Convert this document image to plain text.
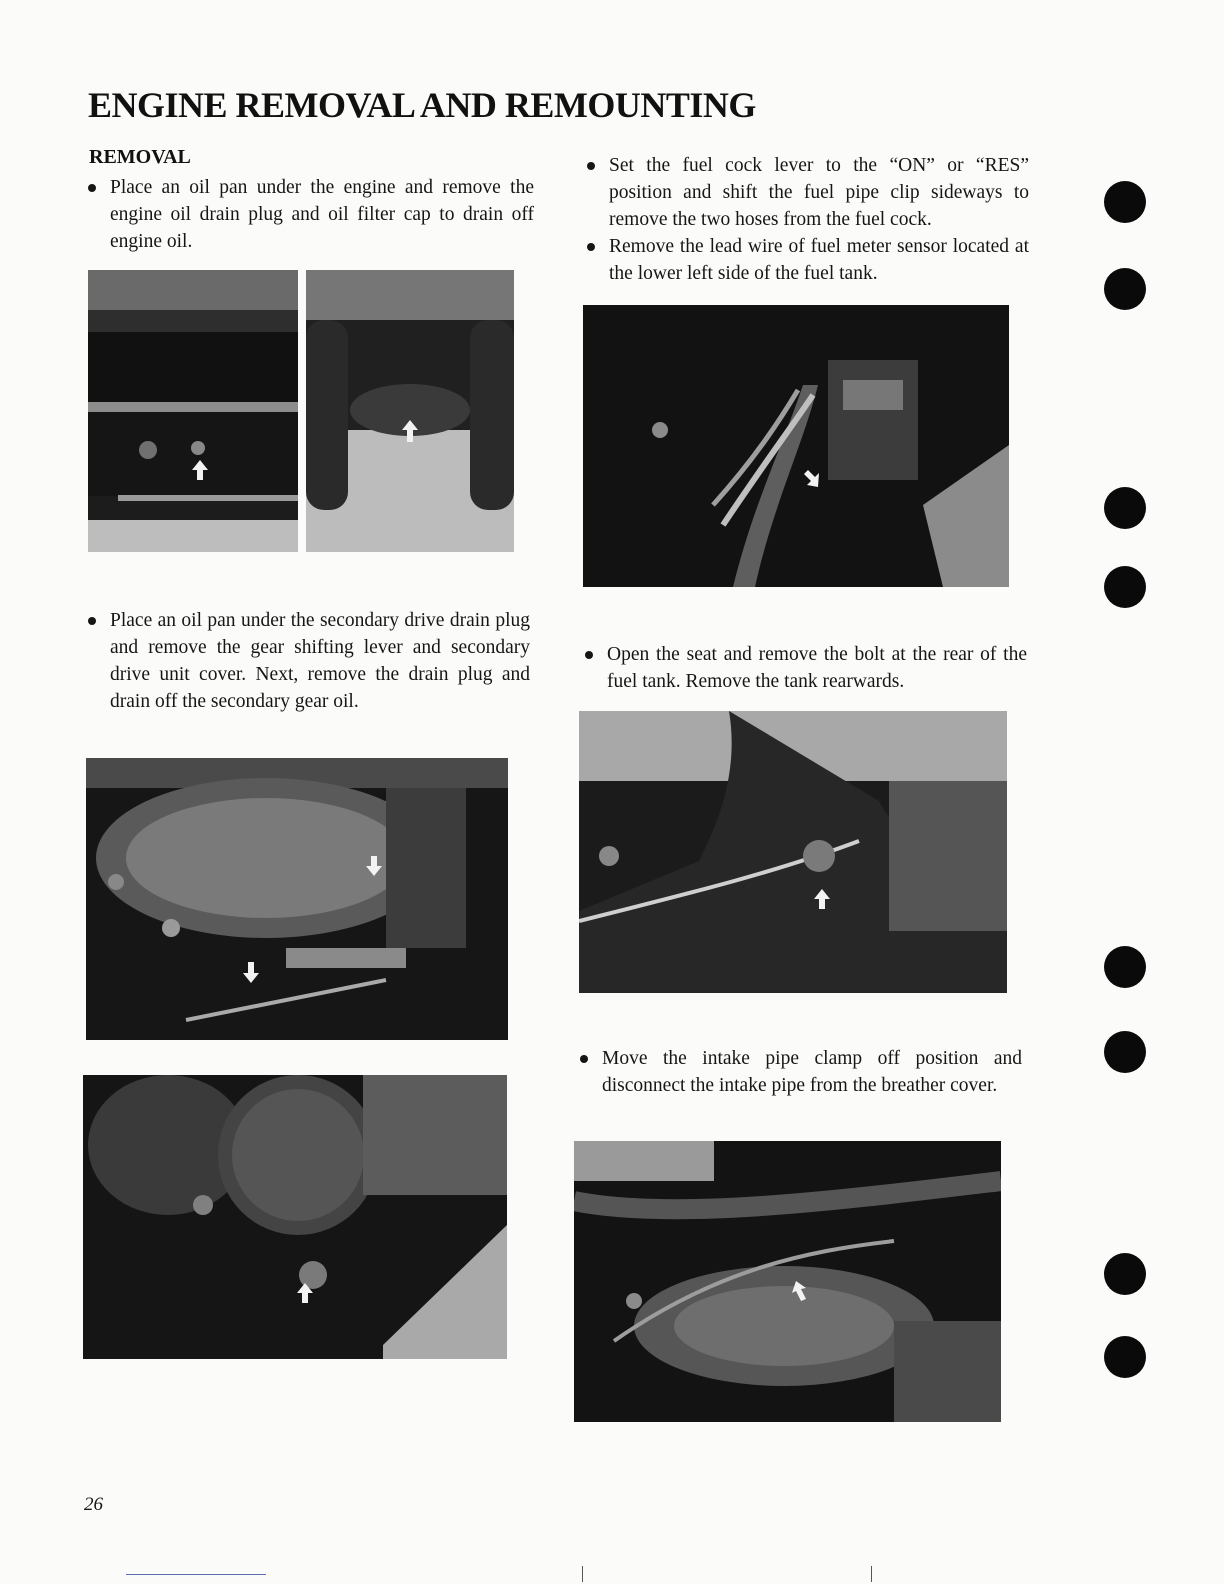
ENGINE REMOVAL AND REMOUNTING
REMOVAL

Place an oil pan under the engine and remove the engine oil drain plug and oil filter cap to drain off engine oil.

Place an oil pan under the secondary drive drain plug and remove the gear shifting lever and secondary drive unit cover. Next, remove the drain plug and drain off the secondary gear oil.

Set the fuel cock lever to the “ON” or “RES” position and shift the fuel pipe clip sideways to remove the two hoses from the fuel cock.

Remove the lead wire of fuel meter sensor located at the lower left side of the fuel tank.

Open the seat and remove the bolt at the rear of the fuel tank. Remove the tank rearwards.

Move the intake pipe clamp off position and disconnect the intake pipe from the breather cover.

26
